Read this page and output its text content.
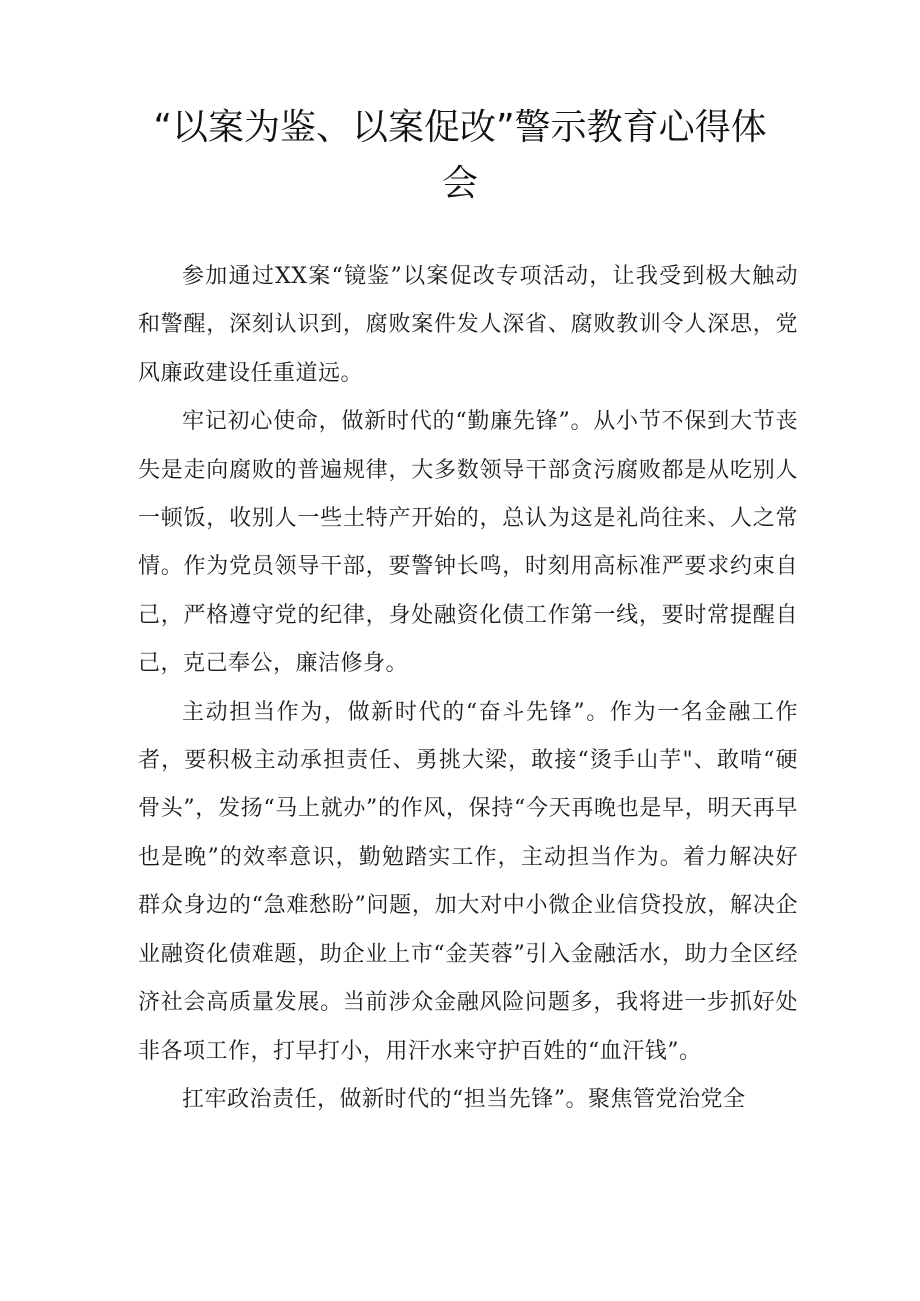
“以案为鉴、以案促改”警示教育心得体会

参加通过XX案“镜鉴”以案促改专项活动，让我受到极大触动和警醒，深刻认识到，腐败案件发人深省、腐败教训令人深思，党风廉政建设任重道远。

牢记初心使命，做新时代的“勤廉先锋”。从小节不保到大节丧失是走向腐败的普遍规律，大多数领导干部贪污腐败都是从吃别人一顿饭，收别人一些土特产开始的，总认为这是礼尚往来、人之常情。作为党员领导干部，要警钟长鸣，时刻用高标准严要求约束自己，严格遵守党的纪律，身处融资化债工作第一线，要时常提醒自己，克己奉公，廉洁修身。

主动担当作为，做新时代的“奋斗先锋”。作为一名金融工作者，要积极主动承担责任、勇挑大梁，敢接“烫手山芋"、敢啃“硬骨头”，发扬“马上就办”的作风，保持“今天再晚也是早，明天再早也是晚”的效率意识，勤勉踏实工作，主动担当作为。着力解决好群众身边的“急难愁盼”问题，加大对中小微企业信贷投放，解决企业融资化债难题，助企业上市“金芙蓉”引入金融活水，助力全区经济社会高质量发展。当前涉众金融风险问题多，我将进一步抓好处非各项工作，打早打小，用汗水来守护百姓的“血汗钱”。

扛牢政治责任，做新时代的“担当先锋”。聚焦管党治党全
